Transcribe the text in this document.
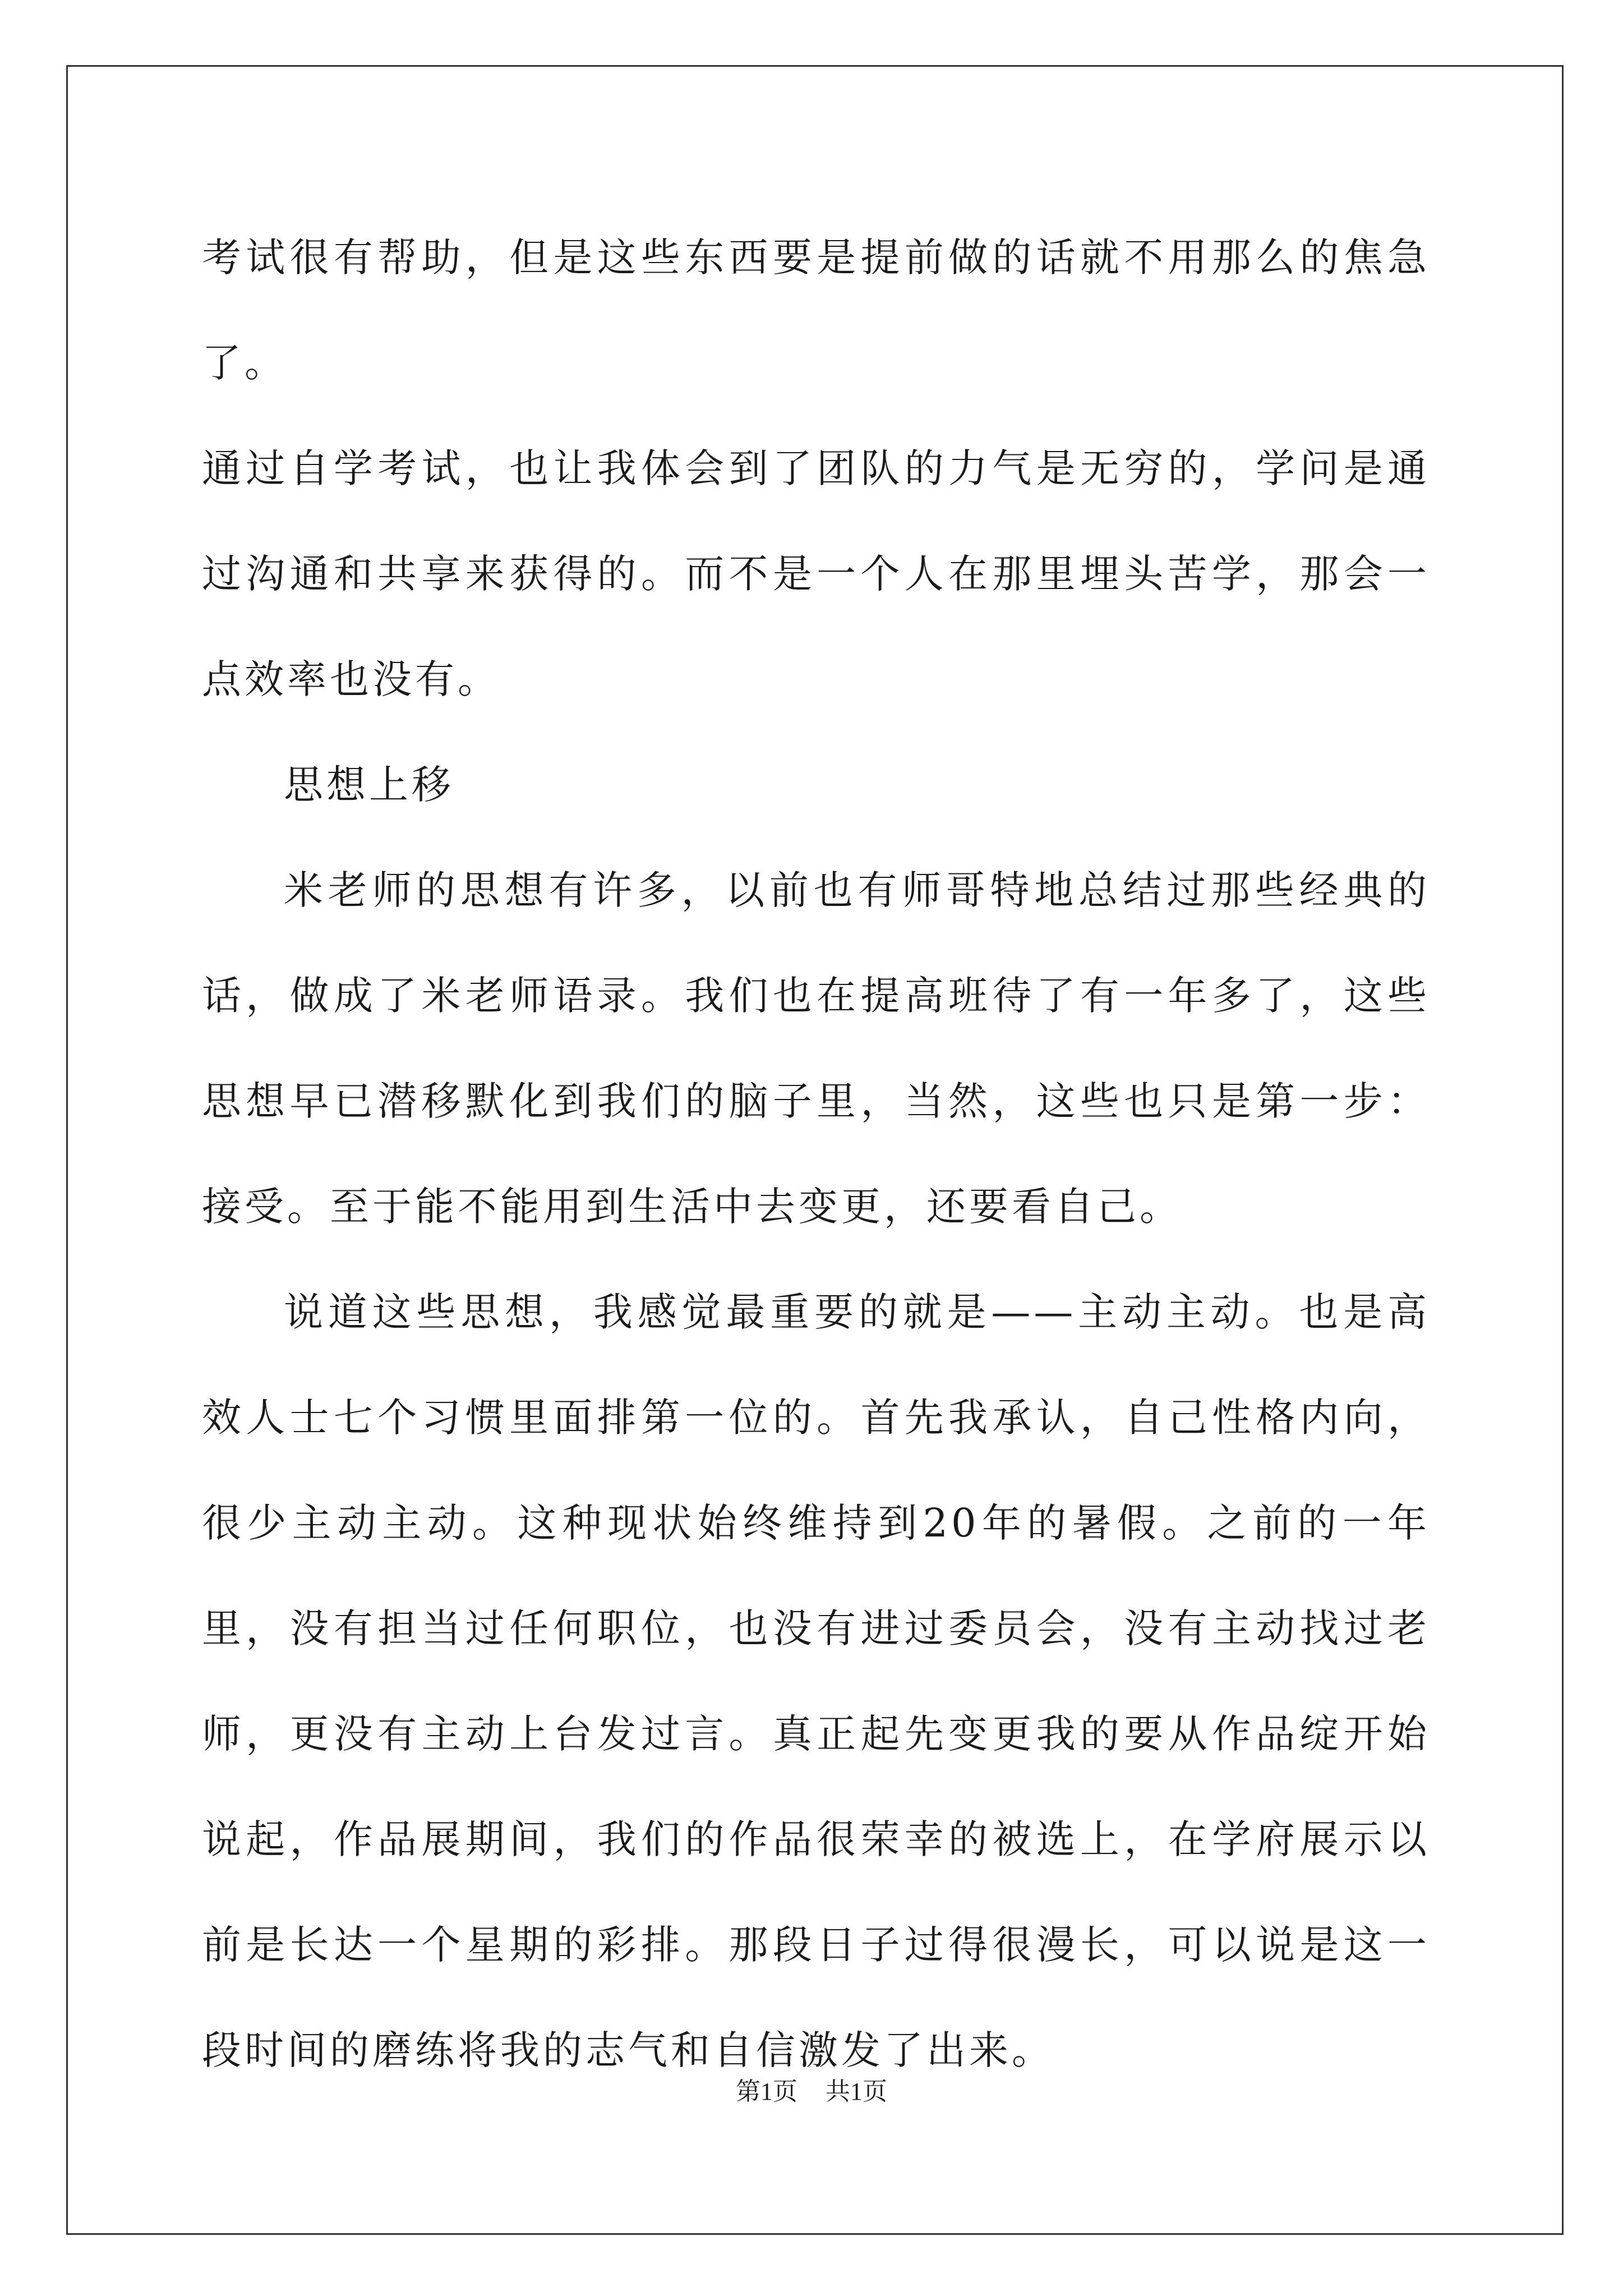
考试很有帮助，但是这些东西要是提前做的话就不用那么的焦急了。

通过自学考试，也让我体会到了团队的力气是无穷的，学问是通过沟通和共享来获得的。而不是一个人在那里埋头苦学，那会一点效率也没有。

思想上移

米老师的思想有许多，以前也有师哥特地总结过那些经典的话，做成了米老师语录。我们也在提高班待了有一年多了，这些思想早已潜移默化到我们的脑子里，当然，这些也只是第一步：接受。至于能不能用到生活中去变更，还要看自己。

说道这些思想，我感觉最重要的就是——主动主动。也是高效人士七个习惯里面排第一位的。首先我承认，自己性格内向，很少主动主动。这种现状始终维持到20年的暑假。之前的一年里，没有担当过任何职位，也没有进过委员会，没有主动找过老师，更没有主动上台发过言。真正起先变更我的要从作品绽开始说起，作品展期间，我们的作品很荣幸的被选上，在学府展示以前是长达一个星期的彩排。那段日子过得很漫长，可以说是这一段时间的磨练将我的志气和自信激发了出来。

第1页 共1页
